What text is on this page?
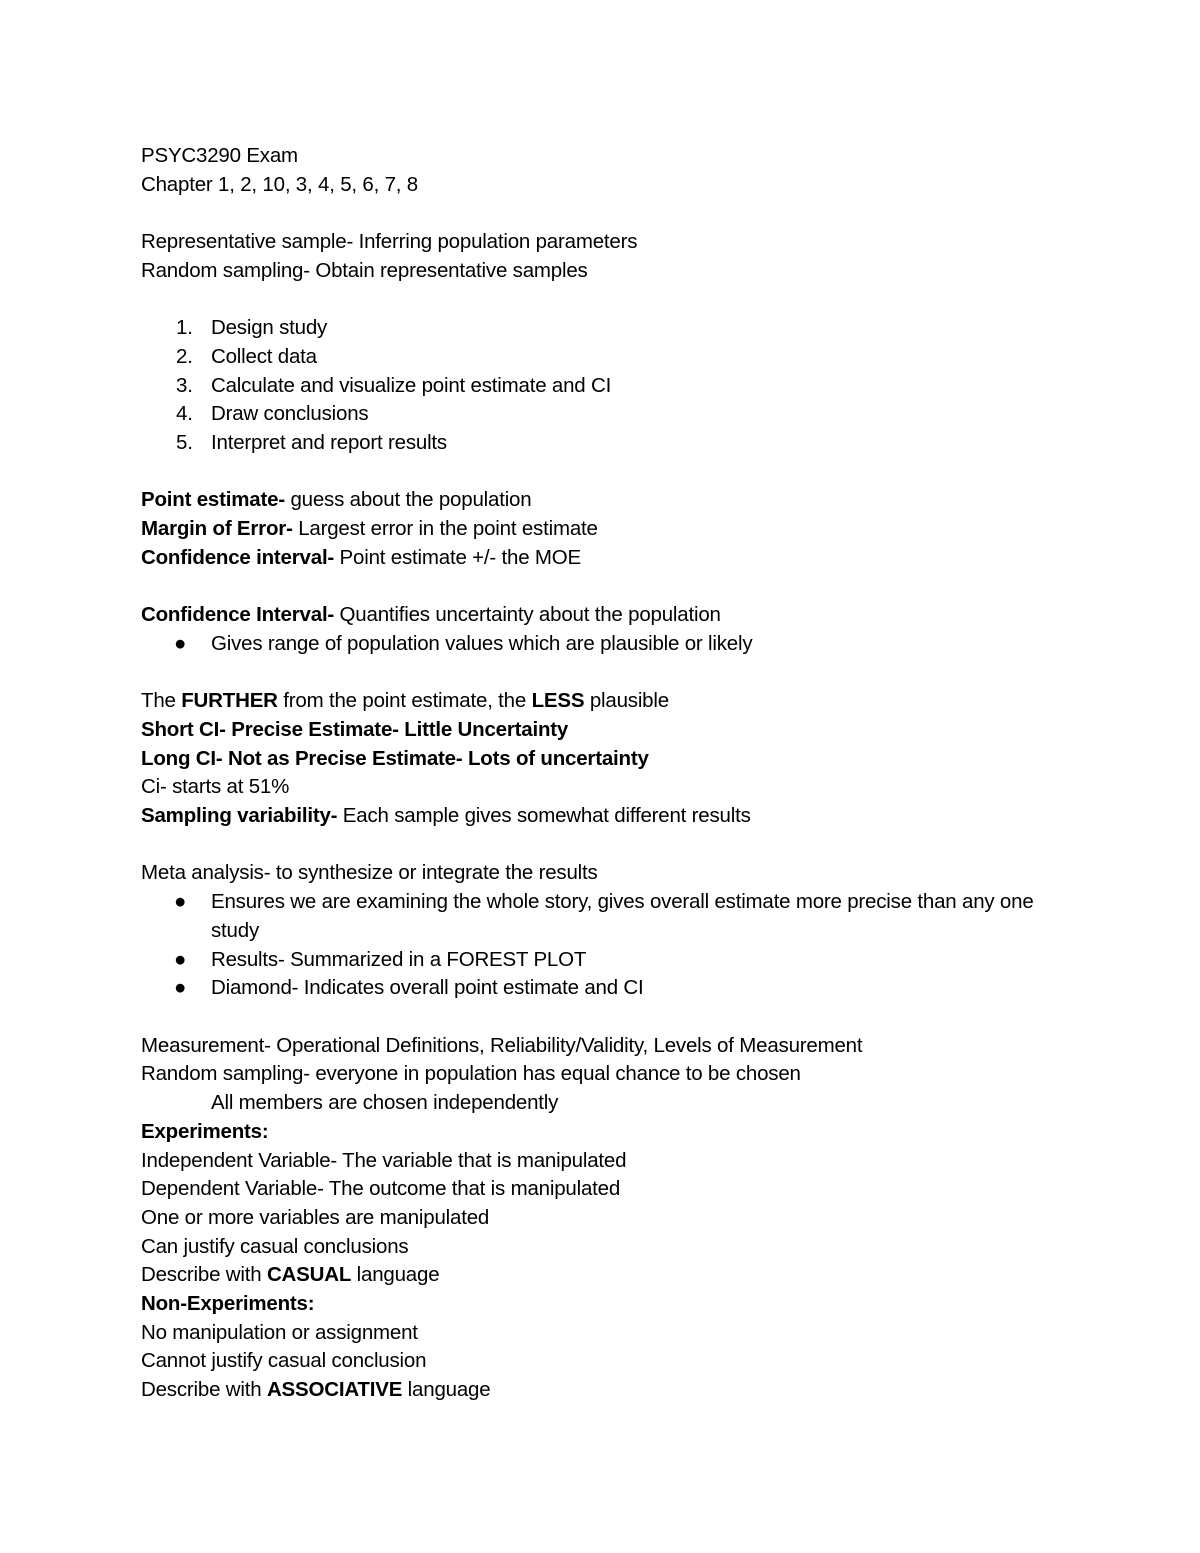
PSYC3290 Exam
Chapter 1, 2, 10, 3, 4, 5, 6, 7, 8
Representative sample- Inferring population parameters
Random sampling- Obtain representative samples
1. Design study
2. Collect data
3. Calculate and visualize point estimate and CI
4. Draw conclusions
5. Interpret and report results
Point estimate- guess about the population
Margin of Error- Largest error in the point estimate
Confidence interval- Point estimate +/- the MOE
Confidence Interval- Quantifies uncertainty about the population
● Gives range of population values which are plausible or likely
The FURTHER from the point estimate, the LESS plausible
Short CI- Precise Estimate- Little Uncertainty
Long CI- Not as Precise Estimate- Lots of uncertainty
Ci- starts at 51%
Sampling variability- Each sample gives somewhat different results
Meta analysis- to synthesize or integrate the results
● Ensures we are examining the whole story, gives overall estimate more precise than any one study
● Results- Summarized in a FOREST PLOT
● Diamond- Indicates overall point estimate and CI
Measurement- Operational Definitions, Reliability/Validity, Levels of Measurement
Random sampling- everyone in population has equal chance to be chosen
All members are chosen independently
Experiments:
Independent Variable- The variable that is manipulated
Dependent Variable- The outcome that is manipulated
One or more variables are manipulated
Can justify casual conclusions
Describe with CASUAL language
Non-Experiments:
No manipulation or assignment
Cannot justify casual conclusion
Describe with ASSOCIATIVE language
